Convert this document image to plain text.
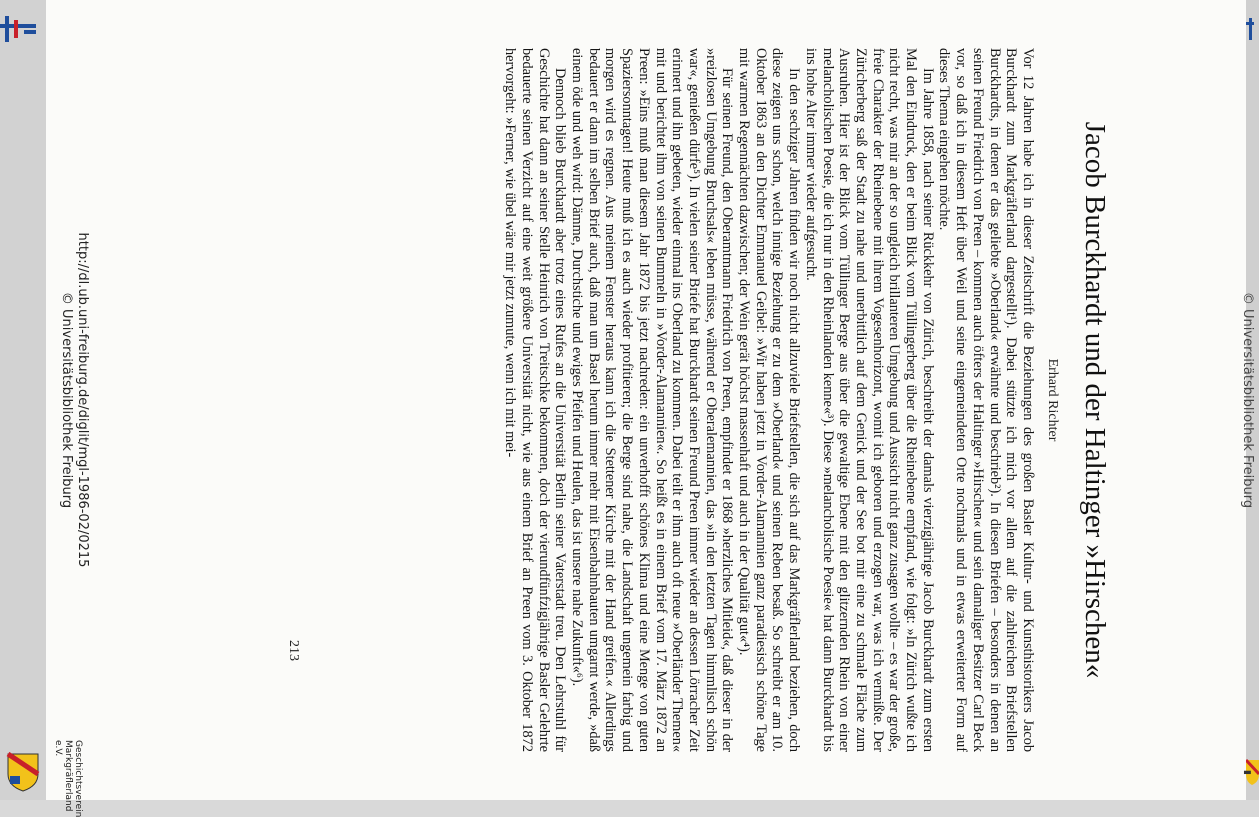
© Universitätsbibliothek Freiburg
▮
Jacob Burckhardt und der Haltinger »Hirschen«
Erhard Richter

Vor 12 Jahren habe ich in dieser Zeitschrift die Beziehungen des großen Basler Kultur- und Kunsthistorikers Jacob Burckhardt zum Markgräflerland dargestellt¹). Dabei stützte ich mich vor allem auf die zahlreichen Briefstellen Burckhardts, in denen er das geliebte »Oberland« erwähnte und beschrieb²). In diesen Briefen – besonders in denen an seinen Freund Friedrich von Preen – kommen auch öfters der Haltinger »Hirschen« und sein damaliger Besitzer Carl Beck vor, so daß ich in diesem Heft über Weil und seine eingemeindeten Orte nochmals und in etwas erweiterter Form auf dieses Thema eingehen möchte.

Im Jahre 1858, nach seiner Rückkehr von Zürich, beschreibt der damals vierzigjährige Jacob Burckhardt zum ersten Mal den Eindruck, den er beim Blick vom Tüllingerberg über die Rheinebene empfand, wie folgt: »In Zürich wußte ich nicht recht, was mir an der so ungleich brillanteren Umgebung und Aussicht nicht ganz zusagen wollte – es war der große, freie Charakter der Rheinebene mit ihrem Vogesenhorizont, womit ich geboren und erzogen war, was ich vermißte. Der Züricherberg saß der Stadt zu nahe und unerbittlich auf dem Genick und der See bot mir eine zu schmale Fläche zum Ausruhen. Hier ist der Blick vom Tüllinger Berge aus über die gewaltige Ebene mit den glitzernden Rhein von einer melancholischen Poesie, die ich nur in den Rheinlanden kenne«³). Diese »melancholische Poesie« hat dann Burckhardt bis ins hohe Alter immer wieder aufgesucht.

In den sechziger Jahren finden wir noch nicht allzuviele Briefstellen, die sich auf das Markgräflerland beziehen, doch diese zeigen uns schon, welch innige Beziehung er zu dem »Oberland« und seinen Reben besaß. So schreibt er am 10. Oktober 1863 an den Dichter Emmanuel Geibel: »Wir haben jetzt in Vorder-Alamannien ganz paradiesisch schöne Tage mit warmen Regennächten dazwischen; der Wein gerät höchst massenhaft und auch in der Qualität gut«⁴).

Für seinen Freund, den Oberamtmann Friedrich von Preen, empfindet er 1868 »herzliches Mitleid«, daß dieser in der »reizlosen Umgebung Bruchsals« leben müsse, während er Oberalemannien, das »in den letzten Tagen himmlisch schön war«, genießen dürfe⁵). In vielen seiner Briefe hat Burckhardt seinen Freund Preen immer wieder an dessen Lörracher Zeit erinnert und ihn gebeten, wieder einmal ins Oberland zu kommen. Dabei teilt er ihm auch oft neue »Oberländer Themen« mit und berichtet ihm von seinen Bummeln in »Vorder-Alamannien«. So heißt es in einem Brief vom 17. März 1872 an Preen: »Eins muß man diesem Jahr 1872 bis jetzt nachreden: ein unverhofft schönes Klima und eine Menge von guten Spaziersonntagen! Heute muß ich es auch wieder profitieren; die Berge sind nahe, die Landschaft ungemein farbig und morgen wird es regnen. Aus meinem Fenster heraus kann ich die Stettener Kirche mit der Hand greifen.« Allerdings bedauert er dann im selben Brief auch, daß man um Basel herum immer mehr mit Eisenbahnbauten umgarnt werde, »daß einem öde und weh wird: Dämme, Durchstiche und ewiges Pfeifen und Heulen, das ist unsere nahe Zukunft«⁶).

Dennoch blieb Burckhardt aber trotz eines Rufes an die Universität Berlin seiner Vaterstadt treu. Den Lehrstuhl für Geschichte hat dann an seiner Stelle Heinrich von Treitschke bekommen, doch der vierundfünfzigjährige Basler Gelehrte bedauerte seinen Verzicht auf eine weit größere Universität nicht, wie aus einem Brief an Preen vom 3. Oktober 1872 hervorgeht: »Ferner, wie übel wäre mir jetzt zumute, wenn ich mit mei-

213
http://dl.ub.uni-freiburg.de/diglit/mgl-1986-02/0215
© Universitätsbibliothek Freiburg
Geschichtsverein
Markgräflerland e.V.
